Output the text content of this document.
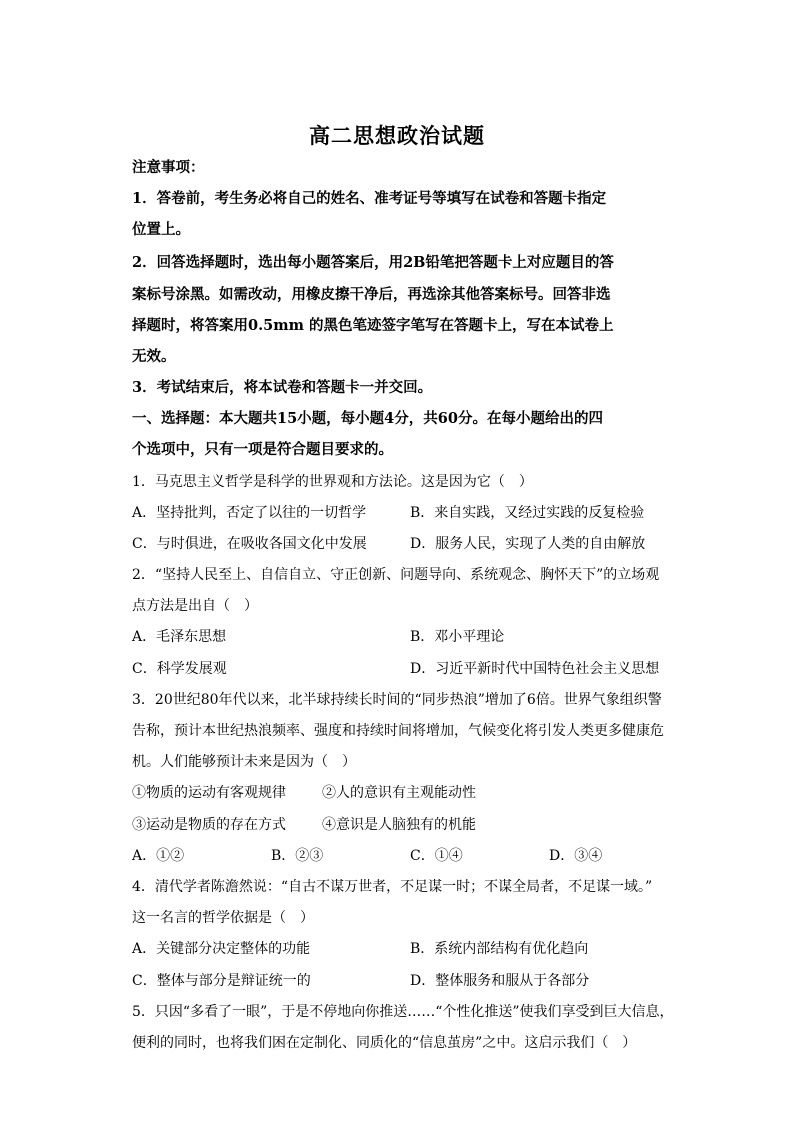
高二思想政治试题
注意事项：
1．答卷前，考生务必将自己的姓名、准考证号等填写在试卷和答题卡指定
位置上。
2．回答选择题时，选出每小题答案后，用2B铅笔把答题卡上对应题目的答
案标号涂黑。如需改动，用橡皮擦干净后，再选涂其他答案标号。回答非选
择题时，将答案用0.5mm 的黑色笔迹签字笔写在答题卡上，写在本试卷上
无效。
3．考试结束后，将本试卷和答题卡一并交回。
一、选择题：本大题共15小题，每小题4分，共60分。在每小题给出的四
个选项中，只有一项是符合题目要求的。
1．马克思主义哲学是科学的世界观和方法论。这是因为它（　）
A．坚持批判，否定了以往的一切哲学	B．来自实践，又经过实践的反复检验
C．与时俱进，在吸收各国文化中发展	D．服务人民，实现了人类的自由解放
2．“坚持人民至上、自信自立、守正创新、问题导向、系统观念、胸怀天下”的立场观
点方法是出自（　）
A．毛泽东思想	B．邓小平理论
C．科学发展观	D．习近平新时代中国特色社会主义思想
3．20世纪80年代以来，北半球持续长时间的“同步热浪”增加了6倍。世界气象组织警
告称，预计本世纪热浪频率、强度和持续时间将增加，气候变化将引发人类更多健康危
机。人们能够预计未来是因为（　）
①物质的运动有客观规律	②人的意识有主观能动性
③运动是物质的存在方式	④意识是人脑独有的机能
A．①②	B．②③	C．①④	D．③④
4．清代学者陈澹然说：“自古不谋万世者，不足谋一时；不谋全局者，不足谋一域。”
这一名言的哲学依据是（　）
A．关键部分决定整体的功能	B．系统内部结构有优化趋向
C．整体与部分是辩证统一的	D．整体服务和服从于各部分
5．只因“多看了一眼”，于是不停地向你推送……“个性化推送”使我们享受到巨大信息，
便利的同时，也将我们困在定制化、同质化的“信息茧房”之中。这启示我们（　）
